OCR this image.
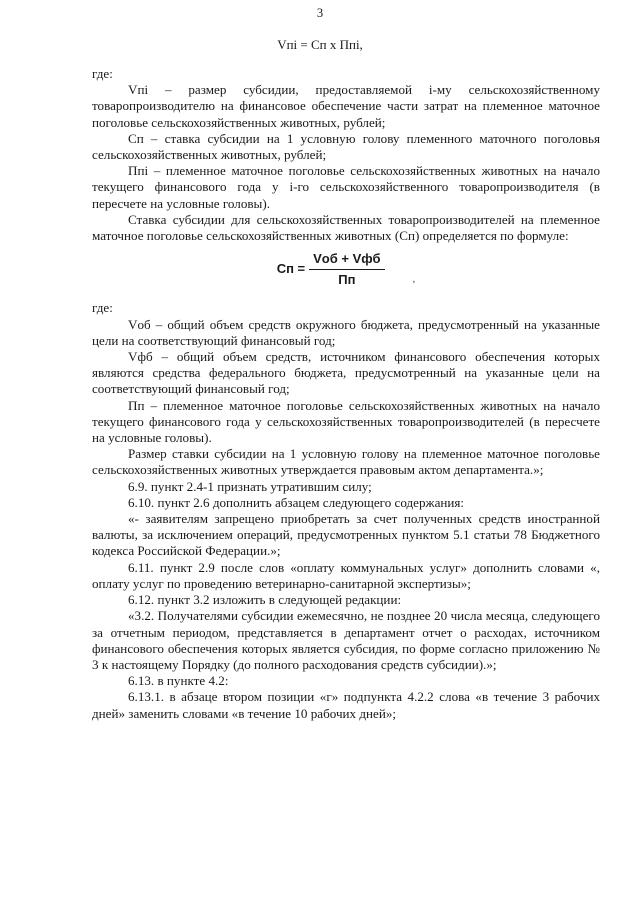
3
Vпi = Сп x Ппi,

где:

Vпi – размер субсидии, предоставляемой i-му сельскохозяйственному товаропроизводителю на финансовое обеспечение части затрат на племенное маточное поголовье сельскохозяйственных животных, рублей;

Сп – ставка субсидии на 1 условную голову племенного маточного поголовья сельскохозяйственных животных, рублей;

Ппi – племенное маточное поголовье сельскохозяйственных животных на начало текущего финансового года у i-го сельскохозяйственного товаропроизводителя (в пересчете на условные головы).

Ставка субсидии для сельскохозяйственных товаропроизводителей на племенное маточное поголовье сельскохозяйственных животных (Сп) определяется по формуле:

Сп = $\frac{\text{Vоб + Vфб}}{Пп}$	,

где:

Vоб – общий объем средств окружного бюджета, предусмотренный на указанные цели на соответствующий финансовый год;

Vфб – общий объем средств, источником финансового обеспечения которых являются средства федерального бюджета, предусмотренный на указанные цели на соответствующий финансовый год;

Пп – племенное маточное поголовье сельскохозяйственных животных на начало текущего финансового года у сельскохозяйственных товаропроизводителей (в пересчете на условные головы).

Размер ставки субсидии на 1 условную голову на племенное маточное поголовье сельскохозяйственных животных утверждается правовым актом департамента.»;

6.9. пункт 2.4-1 признать утратившим силу;

6.10. пункт 2.6 дополнить абзацем следующего содержания:

«- заявителям запрещено приобретать за счет полученных средств иностранной валюты, за исключением операций, предусмотренных пунктом 5.1 статьи 78 Бюджетного кодекса Российской Федерации.»;

6.11. пункт 2.9 после слов «оплату коммунальных услуг» дополнить словами «, оплату услуг по проведению ветеринарно-санитарной экспертизы»;

6.12. пункт 3.2 изложить в следующей редакции:

«3.2. Получателями субсидии ежемесячно, не позднее 20 числа месяца, следующего за отчетным периодом, представляется в департамент отчет о расходах, источником финансового обеспечения которых является субсидия, по форме согласно приложению № 3 к настоящему Порядку (до полного расходования средств субсидии).»;

6.13. в пункте 4.2:

6.13.1. в абзаце втором позиции «г» подпункта 4.2.2 слова «в течение 3 рабочих дней» заменить словами «в течение 10 рабочих дней»;
